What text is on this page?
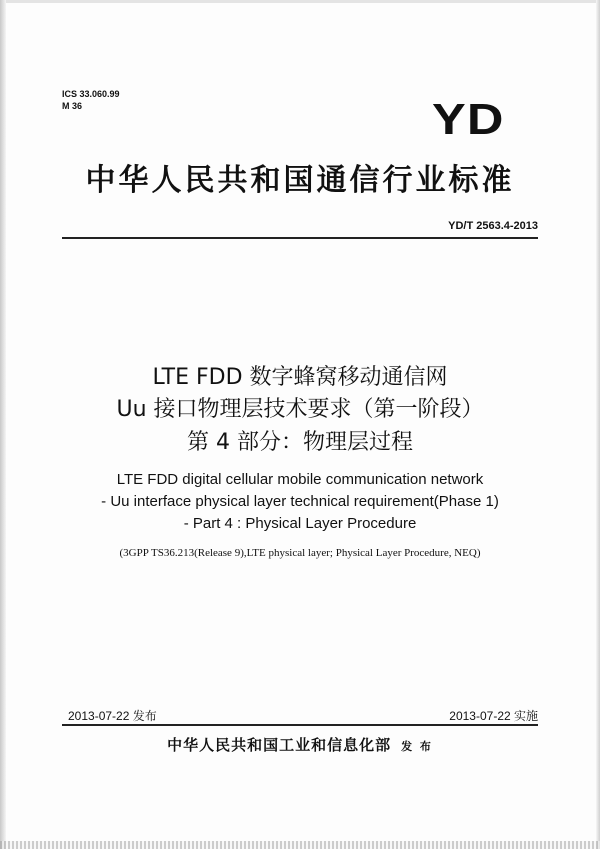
ICS 33.060.99
M 36	YD
中华人民共和国通信行业标准
YD/T 2563.4-2013
LTE FDD 数字蜂窝移动通信网
Uu 接口物理层技术要求（第一阶段）
第 4 部分：物理层过程
LTE FDD digital cellular mobile communication network
- Uu interface physical layer technical requirement(Phase 1)
- Part 4 : Physical Layer Procedure
(3GPP TS36.213(Release 9),LTE physical layer; Physical Layer Procedure, NEQ)
2013-07-22 发布	2013-07-22 实施
中华人民共和国工业和信息化部 发 布
